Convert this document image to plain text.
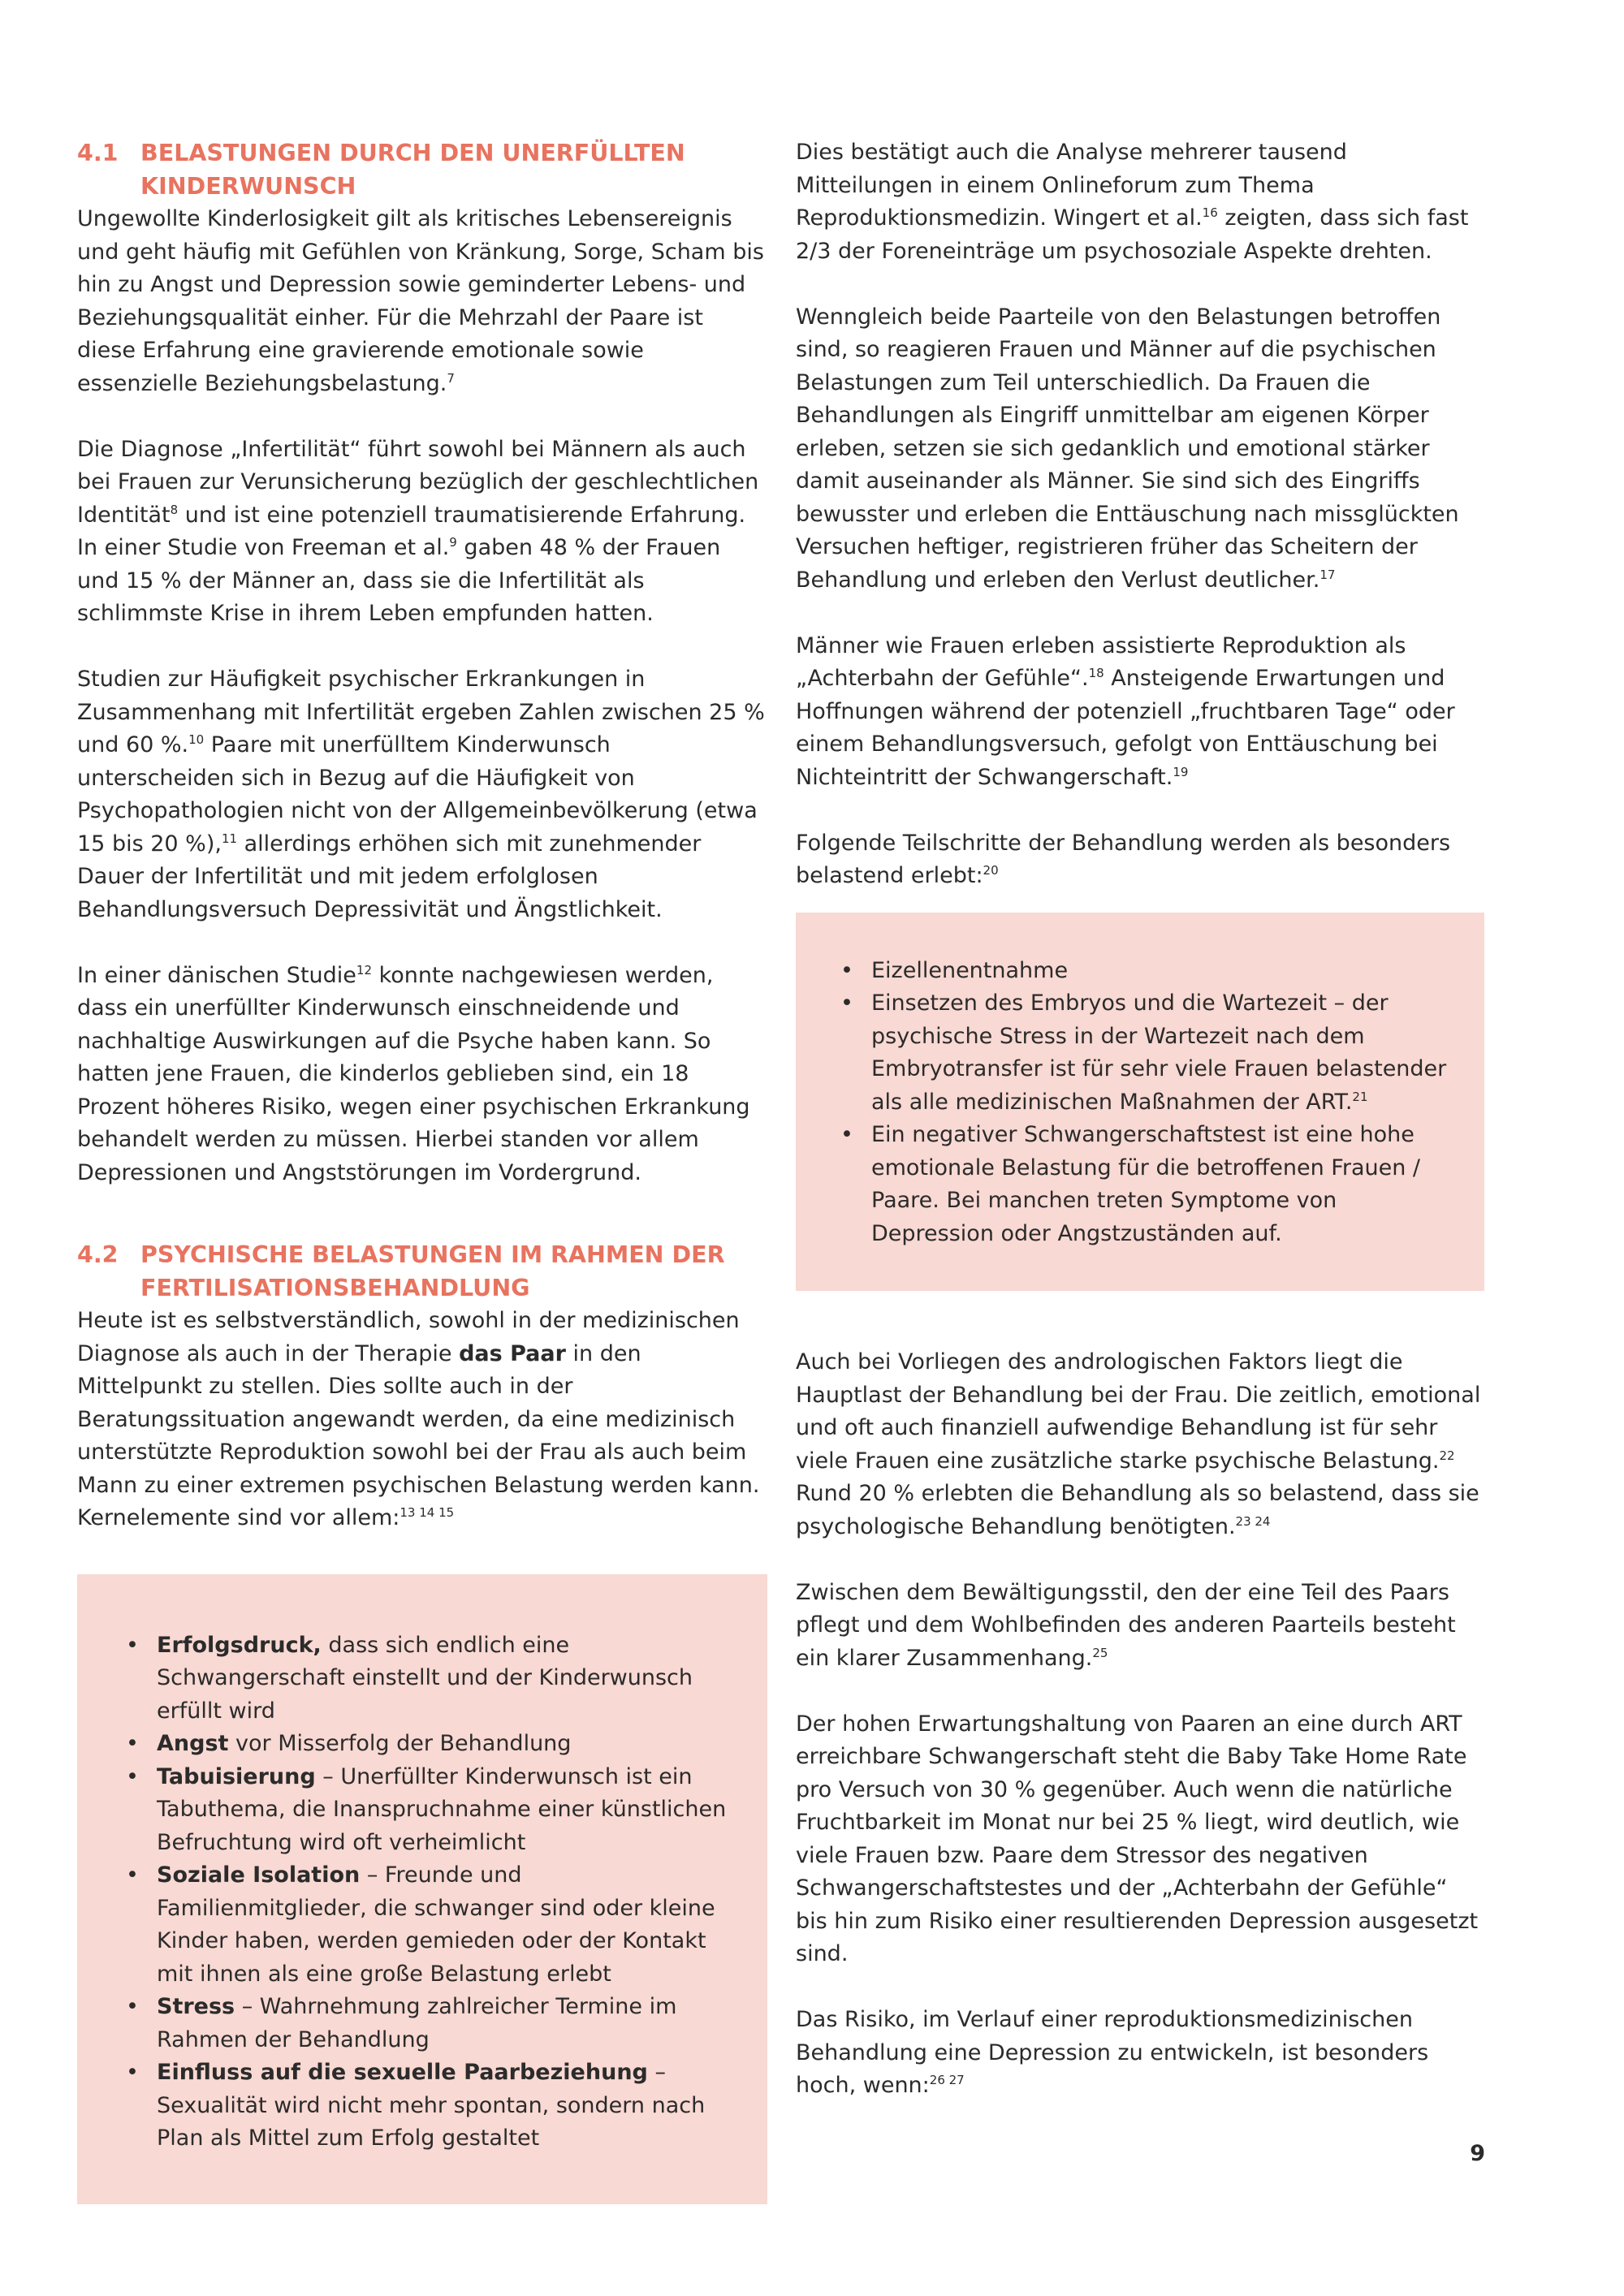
4.1 BELASTUNGEN DURCH DEN UNERFÜLLTEN KINDERWUNSCH

Ungewollte Kinderlosigkeit gilt als kritisches Lebensereignis und geht häufig mit Gefühlen von Kränkung, Sorge, Scham bis hin zu Angst und Depression sowie geminderter Lebens- und Beziehungsqualität einher. Für die Mehrzahl der Paare ist diese Erfahrung eine gravierende emotionale sowie essenzielle Beziehungsbelastung.$^7$

Die Diagnose „Infertilität“ führt sowohl bei Männern als auch bei Frauen zur Verunsicherung bezüglich der geschlechtlichen Identität$^8$ und ist eine potenziell traumatisierende Erfahrung. In einer Studie von Freeman et al.$^9$ gaben 48 % der Frauen und 15 % der Männer an, dass sie die Infertilität als schlimmste Krise in ihrem Leben empfunden hatten.

Studien zur Häufigkeit psychischer Erkrankungen in Zusammenhang mit Infertilität ergeben Zahlen zwischen 25 % und 60 %.$^{10}$ Paare mit unerfülltem Kinderwunsch unterscheiden sich in Bezug auf die Häufigkeit von Psychopathologien nicht von der Allgemeinbevölkerung (etwa 15 bis 20 %),$^{11}$ allerdings erhöhen sich mit zunehmender Dauer der Infertilität und mit jedem erfolglosen Behandlungsversuch Depressivität und Ängstlichkeit.

In einer dänischen Studie$^{12}$ konnte nachgewiesen werden, dass ein unerfüllter Kinderwunsch einschneidende und nachhaltige Auswirkungen auf die Psyche haben kann. So hatten jene Frauen, die kinderlos geblieben sind, ein 18 Prozent höheres Risiko, wegen einer psychischen Erkrankung behandelt werden zu müssen. Hierbei standen vor allem Depressionen und Angststörungen im Vordergrund.

4.2 PSYCHISCHE BELASTUNGEN IM RAHMEN DER FERTILISATIONSBEHANDLUNG

Heute ist es selbstverständlich, sowohl in der medizinischen Diagnose als auch in der Therapie das Paar in den Mittelpunkt zu stellen. Dies sollte auch in der Beratungssituation angewandt werden, da eine medizinisch unterstützte Reproduktion sowohl bei der Frau als auch beim Mann zu einer extremen psychischen Belastung werden kann. Kernelemente sind vor allem:$^{13 14 15}$

• Erfolgsdruck, dass sich endlich eine Schwangerschaft einstellt und der Kinderwunsch erfüllt wird
• Angst vor Misserfolg der Behandlung
• Tabuisierung – Unerfüllter Kinderwunsch ist ein Tabuthema, die Inanspruchnahme einer künstlichen Befruchtung wird oft verheimlicht
• Soziale Isolation – Freunde und Familienmitglieder, die schwanger sind oder kleine Kinder haben, werden gemieden oder der Kontakt mit ihnen als eine große Belastung erlebt
• Stress – Wahrnehmung zahlreicher Termine im Rahmen der Behandlung
• Einfluss auf die sexuelle Paarbeziehung – Sexualität wird nicht mehr spontan, sondern nach Plan als Mittel zum Erfolg gestaltet

Dies bestätigt auch die Analyse mehrerer tausend Mitteilungen in einem Onlineforum zum Thema Reproduktionsmedizin. Wingert et al.$^{16}$ zeigten, dass sich fast 2/3 der Foreneinträge um psychosoziale Aspekte drehten.

Wenngleich beide Paarteile von den Belastungen betroffen sind, so reagieren Frauen und Männer auf die psychischen Belastungen zum Teil unterschiedlich. Da Frauen die Behandlungen als Eingriff unmittelbar am eigenen Körper erleben, setzen sie sich gedanklich und emotional stärker damit auseinander als Männer. Sie sind sich des Eingriffs bewusster und erleben die Enttäuschung nach missglückten Versuchen heftiger, registrieren früher das Scheitern der Behandlung und erleben den Verlust deutlicher.$^{17}$

Männer wie Frauen erleben assistierte Reproduktion als „Achterbahn der Gefühle“.$^{18}$ Ansteigende Erwartungen und Hoffnungen während der potenziell „fruchtbaren Tage“ oder einem Behandlungsversuch, gefolgt von Enttäuschung bei Nichteintritt der Schwangerschaft.$^{19}$

Folgende Teilschritte der Behandlung werden als besonders belastend erlebt:$^{20}$

• Eizellenentnahme
• Einsetzen des Embryos und die Wartezeit – der psychische Stress in der Wartezeit nach dem Embryotransfer ist für sehr viele Frauen belastender als alle medizinischen Maßnahmen der ART.$^{21}$
• Ein negativer Schwangerschaftstest ist eine hohe emotionale Belastung für die betroffenen Frauen / Paare. Bei manchen treten Symptome von Depression oder Angstzuständen auf.

Auch bei Vorliegen des andrologischen Faktors liegt die Hauptlast der Behandlung bei der Frau. Die zeitlich, emotional und oft auch finanziell aufwendige Behandlung ist für sehr viele Frauen eine zusätzliche starke psychische Belastung.$^{22}$ Rund 20 % erlebten die Behandlung als so belastend, dass sie psychologische Behandlung benötigten.$^{23 24}$

Zwischen dem Bewältigungsstil, den der eine Teil des Paars pflegt und dem Wohlbefinden des anderen Paarteils besteht ein klarer Zusammenhang.$^{25}$

Der hohen Erwartungshaltung von Paaren an eine durch ART erreichbare Schwangerschaft steht die Baby Take Home Rate pro Versuch von 30 % gegenüber. Auch wenn die natürliche Fruchtbarkeit im Monat nur bei 25 % liegt, wird deutlich, wie viele Frauen bzw. Paare dem Stressor des negativen Schwangerschaftstestes und der „Achterbahn der Gefühle“ bis hin zum Risiko einer resultierenden Depression ausgesetzt sind.

Das Risiko, im Verlauf einer reproduktionsmedizinischen Behandlung eine Depression zu entwickeln, ist besonders hoch, wenn:$^{26 27}$

9
